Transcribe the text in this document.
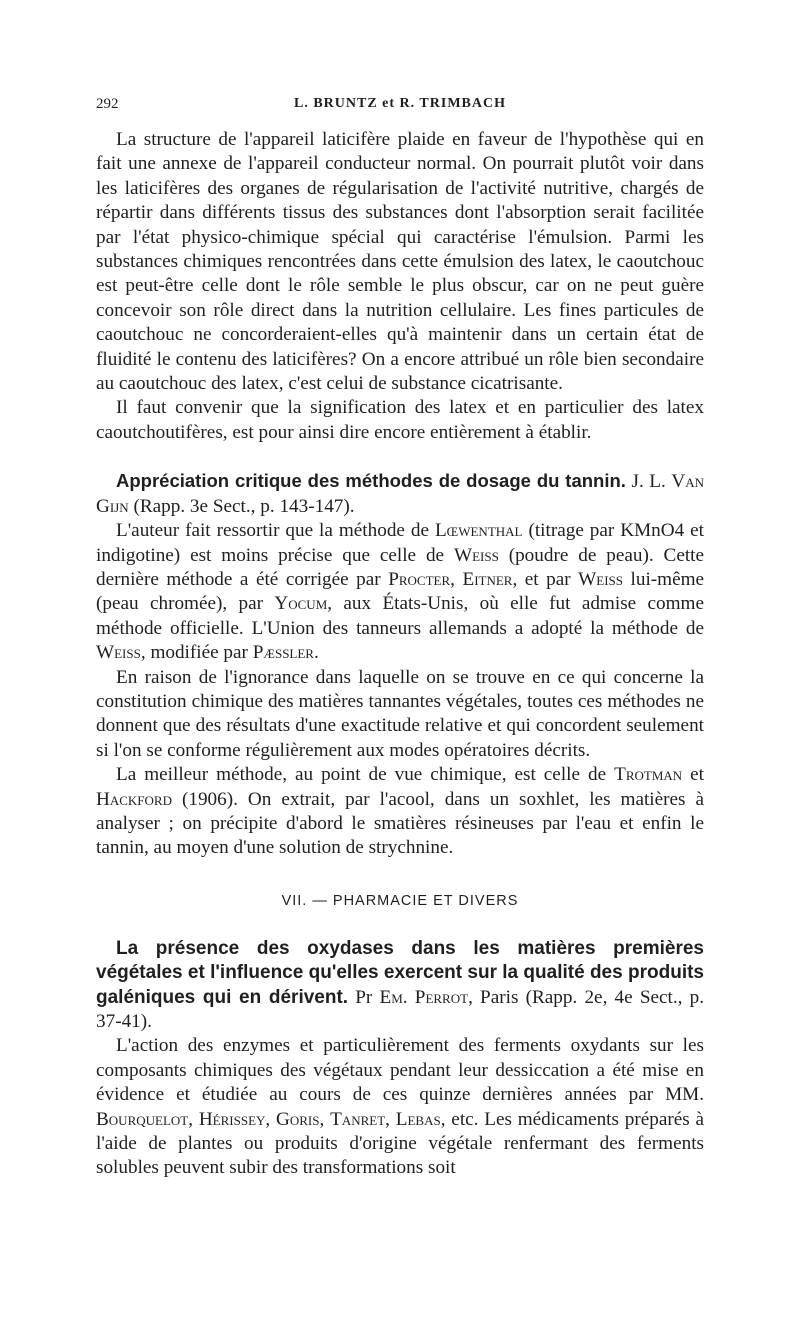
292	L. BRUNTZ et R. TRIMBACH

La structure de l'appareil laticifère plaide en faveur de l'hypothèse qui en fait une annexe de l'appareil conducteur normal. On pourrait plutôt voir dans les laticifères des organes de régularisation de l'activité nutritive, chargés de répartir dans différents tissus des substances dont l'absorption serait facilitée par l'état physico-chimique spécial qui caractérise l'émulsion. Parmi les substances chimiques rencontrées dans cette émulsion des latex, le caoutchouc est peut-être celle dont le rôle semble le plus obscur, car on ne peut guère concevoir son rôle direct dans la nutrition cellulaire. Les fines particules de caoutchouc ne concorderaient-elles qu'à maintenir dans un certain état de fluidité le contenu des laticifères? On a encore attribué un rôle bien secondaire au caoutchouc des latex, c'est celui de substance cicatrisante.

Il faut convenir que la signification des latex et en particulier des latex caoutchoutifères, est pour ainsi dire encore entièrement à établir.

Appréciation critique des méthodes de dosage du tannin. J. L. Van Gijn (Rapp. 3e Sect., p. 143-147).

L'auteur fait ressortir que la méthode de Lœwenthal (titrage par KMnO4 et indigotine) est moins précise que celle de Weiss (poudre de peau). Cette dernière méthode a été corrigée par Procter, Eitner, et par Weiss lui-même (peau chromée), par Yocum, aux États-Unis, où elle fut admise comme méthode officielle. L'Union des tanneurs allemands a adopté la méthode de Weiss, modifiée par Pæssler.

En raison de l'ignorance dans laquelle on se trouve en ce qui concerne la constitution chimique des matières tannantes végétales, toutes ces méthodes ne donnent que des résultats d'une exactitude relative et qui concordent seulement si l'on se conforme régulièrement aux modes opératoires décrits.

La meilleur méthode, au point de vue chimique, est celle de Trotman et Hackford (1906). On extrait, par l'acool, dans un soxhlet, les matières à analyser ; on précipite d'abord le smatières résineuses par l'eau et enfin le tannin, au moyen d'une solution de strychnine.

VII. — PHARMACIE ET DIVERS

La présence des oxydases dans les matières premières végétales et l'influence qu'elles exercent sur la qualité des produits galéniques qui en dérivent. Pr Em. Perrot, Paris (Rapp. 2e, 4e Sect., p. 37-41).

L'action des enzymes et particulièrement des ferments oxydants sur les composants chimiques des végétaux pendant leur dessiccation a été mise en évidence et étudiée au cours de ces quinze dernières années par MM. Bourquelot, Hérissey, Goris, Tanret, Lebas, etc. Les médicaments préparés à l'aide de plantes ou produits d'origine végétale renfermant des ferments solubles peuvent subir des transformations soit
